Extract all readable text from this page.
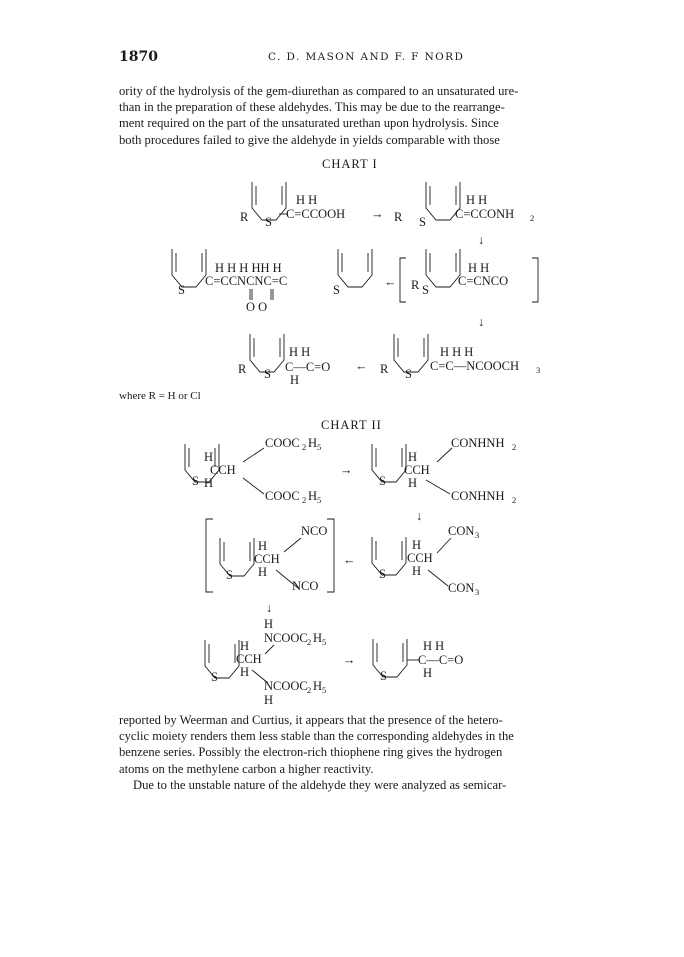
1870	C. D. MASON AND F. F NORD

ority of the hydrolysis of the gem-diurethan as compared to an unsaturated ure-

than in the preparation of these aldehydes. This may be due to the rearrange-

ment required on the part of the unsaturated urethan upon hydrolysis. Since

both procedures failed to give the aldehyde in yields comparable with those

CHART I
where R = H or Cl
CHART II
R S
H H
C=CCOOH → R S
H H
C=CCONH 2
↓
S
H H H HH H
C=CCNCNC=C
O O
S
← R S
H H
C=CNCO
↓
R S
H H
C—C=O
H
← R S
H H H
C=C—NCOOCH 3
S
H
CCH
H
COOC 2 H 5
COOC 2 H 5
→
S
H
CCH
H
CONHNH 2
CONHNH 2
↓
S
H
CCH
H
NCO
NCO
←
S
H
CCH
H
CON 3
CON 3
↓
H
NCOOC 2 H 5
S
H
CCH
H
NCOOC 2 H 5
H
→
S
H H
C—C=O
H

reported by Weerman and Curtius, it appears that the presence of the hetero-

cyclic moiety renders them less stable than the corresponding aldehydes in the

benzene series. Possibly the electron-rich thiophene ring gives the hydrogen

atoms on the methylene carbon a higher reactivity.

Due to the unstable nature of the aldehyde they were analyzed as semicar-
